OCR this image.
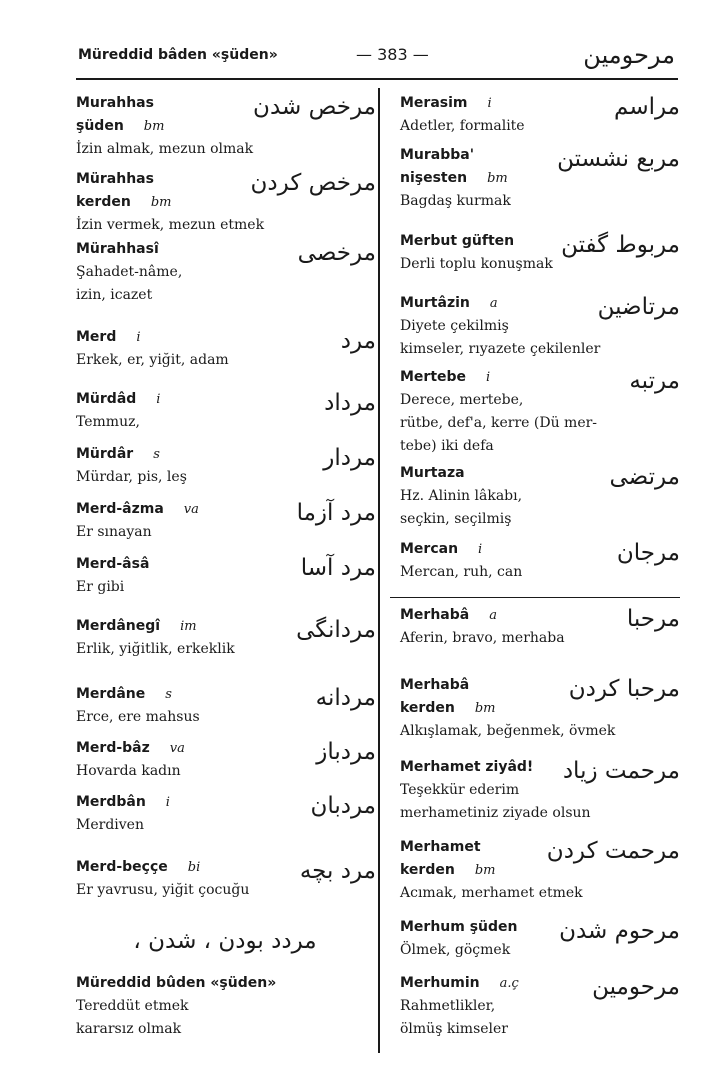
Müreddid bâden «şüden»	— 383 —	مرحومين
Murahhas
şüden bm
İzin almak, mezun olmak
مرخص شدن
Mürahhas
kerden bm
İzin vermek, mezun etmek
مرخص كردن
Mürahhasî
Şahadet-nâme,
izin, icazet
مرخصى
Merd i
Erkek, er, yiğit, adam
مرد
Mürdâd i
Temmuz,
مرداد
Mürdâr s
Mürdar, pis, leş
مردار
Merd-âzma va
Er sınayan
مرد آزما
Merd-âsâ
Er gibi
مرد آسا
Merdânegî im
Erlik, yiğitlik, erkeklik
مردانگى
Merdâne s
Erce, ere mahsus
مردانه
Merd-bâz va
Hovarda kadın
مردباز
Merdbân i
Merdiven
مردبان
Merd-beççe bi
Er yavrusu, yiğit çocuğu
مرد بچه
Müreddid bûden «şüden»
Tereddüt etmek
kararsız olmak
مردد بودن ، شدن ،
Merasim i
Adetler, formalite
مراسم
Murabba'
nişesten bm
Bagdaş kurmak
مربع نشستن
Merbut güften
Derli toplu konuşmak
مربوط گفتن
Murtâzin a
Diyete çekilmiş
kimseler, rıyazete çekilenler
مرتاضين
Mertebe i
Derece, mertebe,
rütbe, def'a, kerre (Dü mer-
tebe) iki defa
مرتبه
Murtaza
Hz. Alinin lâkabı,
seçkin, seçilmiş
مرتضى
Mercan i
Mercan, ruh, can
مرجان
Merhabâ a
Aferin, bravo, merhaba
مرحبا
Merhabâ
kerden bm
Alkışlamak, beğenmek, övmek
مرحبا كردن
Merhamet ziyâd!
Teşekkür ederim
merhametiniz ziyade olsun
مرحمت زياد
Merhamet
kerden bm
Acımak, merhamet etmek
مرحمت كردن
Merhum şüden
Ölmek, göçmek
مرحوم شدن
Merhumin a.ç
Rahmetlikler,
ölmüş kimseler
مرحومين
